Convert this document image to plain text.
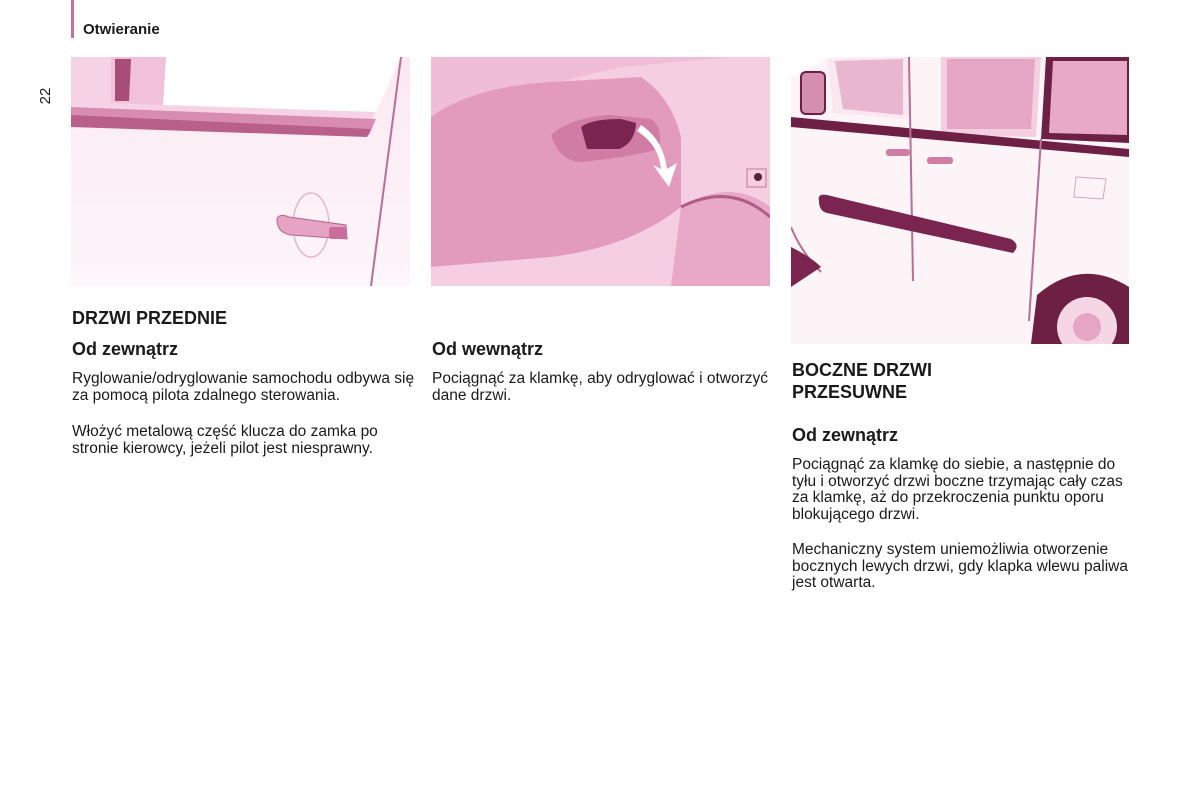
Otwieranie
22
DRZWI PRZEDNIE
Od zewnątrz

Ryglowanie/odryglowanie samochodu odbywa się za pomocą pilota zdalnego sterowania.

Włożyć metalową część klucza do zamka po stronie kierowcy, jeżeli pilot jest niesprawny.

Od wewnątrz

Pociągnąć za klamkę, aby odryglować i otworzyć dane drzwi.

BOCZNE DRZWI
PRZESUWNE
Od zewnątrz

Pociągnąć za klamkę do siebie, a następnie do tyłu i otworzyć drzwi boczne trzymając cały czas za klamkę, aż do przekroczenia punktu oporu blokującego drzwi.

Mechaniczny system uniemożliwia otworzenie bocznych lewych drzwi, gdy klapka wlewu paliwa jest otwarta.
